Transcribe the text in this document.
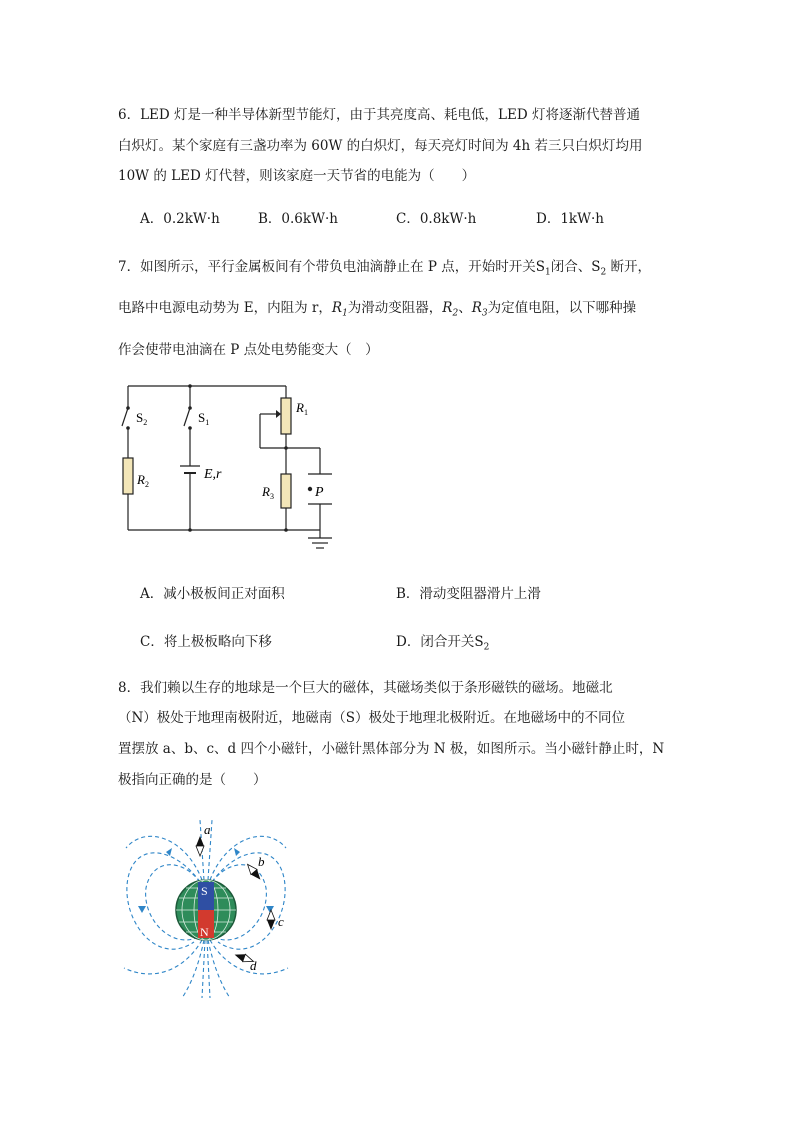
6．LED 灯是一种半导体新型节能灯，由于其亮度高、耗电低，LED 灯将逐渐代替普通
白炽灯。某个家庭有三盏功率为 60W 的白炽灯，每天亮灯时间为 4h 若三只白炽灯均用
10W 的 LED 灯代替，则该家庭一天节省的电能为（　　）
A．0.2kW·h	B．0.6kW·h	C．0.8kW·h	D．1kW·h
7．如图所示，平行金属板间有个带负电油滴静止在 P 点，开始时开关$S_1$闭合、$S_2$ 断开，
电路中电源电动势为 E，内阻为 r，$R_1$为滑动变阻器，$R_2$、$R_3$为定值电阻，以下哪种操
作会使带电油滴在 P 点处电势能变大（　）
$S_2$	$S_1$
$R_1$
$R_2$	$R_3$
E,r
P
A．减小极板间正对面积	B．滑动变阻器滑片上滑
C．将上极板略向下移	D．闭合开关$S_2$
8．我们赖以生存的地球是一个巨大的磁体，其磁场类似于条形磁铁的磁场。地磁北
（N）极处于地理南极附近，地磁南（S）极处于地理北极附近。在地磁场中的不同位
置摆放 a、b、c、d 四个小磁针，小磁针黑体部分为 N 极，如图所示。当小磁针静止时，N
极指向正确的是（　　）
S
N
a
b
c
d
